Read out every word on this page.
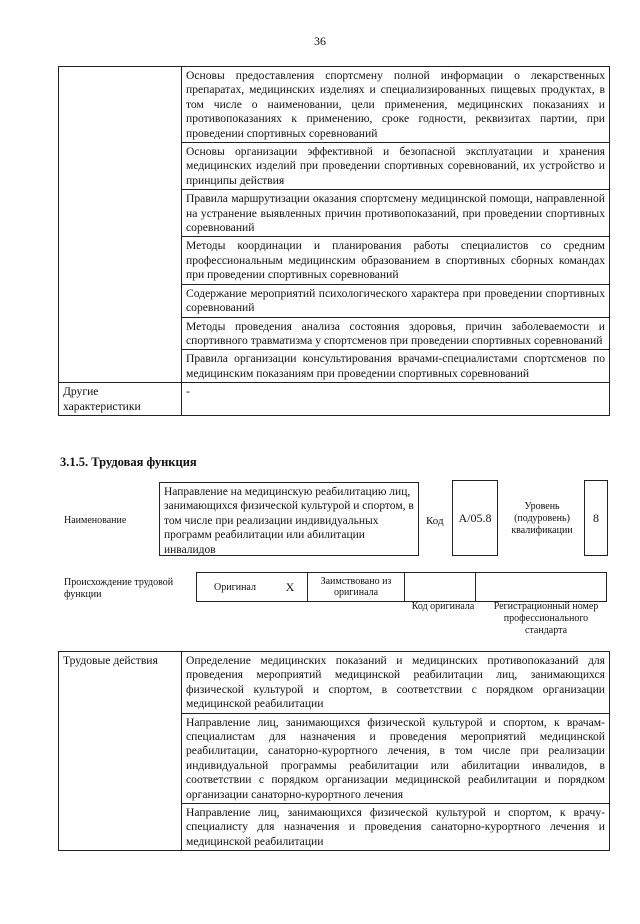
36
	Основы предоставления спортсмену полной информации о лекарственных препаратах, медицинских изделиях и специализированных пищевых продуктах, в том числе о наименовании, цели применения, медицинских показаниях и противопоказаниях к применению, сроке годности, реквизитах партии, при проведении спортивных соревнований
	Основы организации эффективной и безопасной эксплуатации и хранения медицинских изделий при проведении спортивных соревнований, их устройство и принципы действия
	Правила маршрутизации оказания спортсмену медицинской помощи, направленной на устранение выявленных причин противопоказаний, при проведении спортивных соревнований
	Методы координации и планирования работы специалистов со средним профессиональным медицинским образованием в спортивных сборных командах при проведении спортивных соревнований
	Содержание мероприятий психологического характера при проведении спортивных соревнований
	Методы проведения анализа состояния здоровья, причин заболеваемости и спортивного травматизма у спортсменов при проведении спортивных соревнований
	Правила организации консультирования врачами-специалистами спортсменов по медицинским показаниям при проведении спортивных соревнований
Другие характеристики	-
3.1.5. Трудовая функция
Наименование
Направление на медицинскую реабилитацию лиц, занимающихся физической культурой и спортом, в том числе при реализации индивидуальных программ реабилитации или абилитации инвалидов
Код	А/05.8
Уровень (подуровень) квалификации
8
Происхождение трудовой функции
Оригинал	X	Заимствовано из оригинала		
Код оригинала	Регистрационный номер профессионального стандарта
Трудовые действия	Определение медицинских показаний и медицинских противопоказаний для проведения мероприятий медицинской реабилитации лиц, занимающихся физической культурой и спортом, в соответствии с порядком организации медицинской реабилитации
Направление лиц, занимающихся физической культурой и спортом, к врачам-специалистам для назначения и проведения мероприятий медицинской реабилитации, санаторно-курортного лечения, в том числе при реализации индивидуальной программы реабилитации или абилитации инвалидов, в соответствии с порядком организации медицинской реабилитации и порядком организации санаторно-курортного лечения
Направление лиц, занимающихся физической культурой и спортом, к врачу-специалисту для назначения и проведения санаторно-курортного лечения и медицинской реабилитации
